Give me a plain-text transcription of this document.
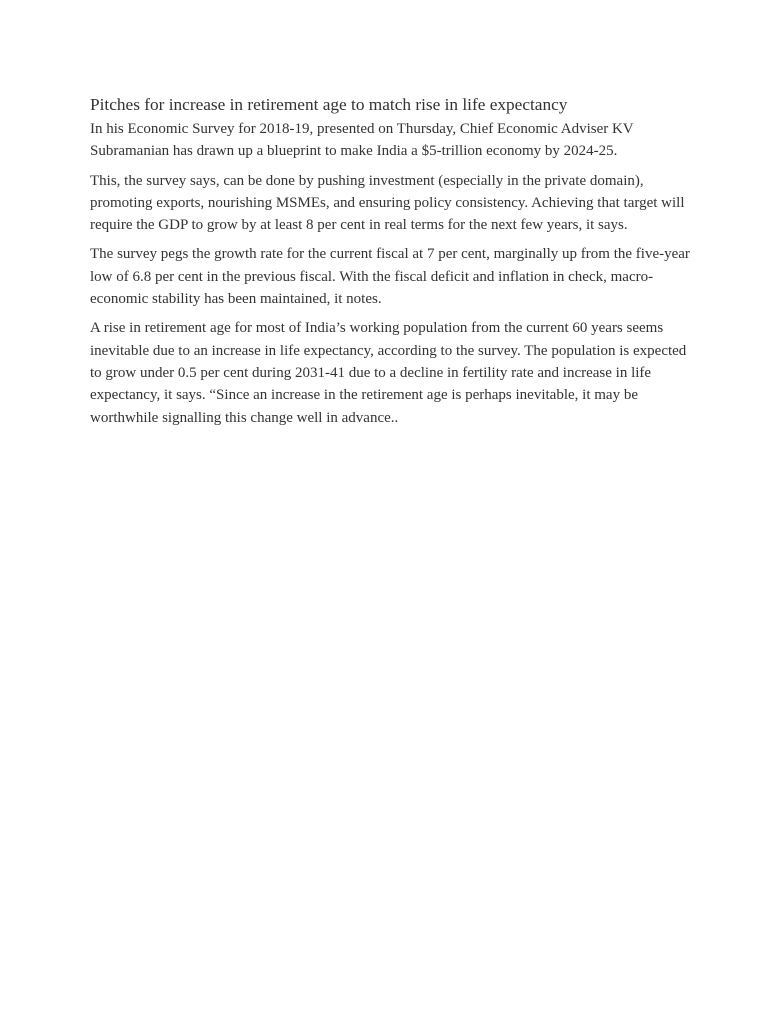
Pitches for increase in retirement age to match rise in life expectancy

In his Economic Survey for 2018-19, presented on Thursday, Chief Economic Adviser KV Subramanian has drawn up a blueprint to make India a $5-trillion economy by 2024-25.

This, the survey says, can be done by pushing investment (especially in the private domain), promoting exports, nourishing MSMEs, and ensuring policy consistency. Achieving that target will require the GDP to grow by at least 8 per cent in real terms for the next few years, it says.

The survey pegs the growth rate for the current fiscal at 7 per cent, marginally up from the five-year low of 6.8 per cent in the previous fiscal. With the fiscal deficit and inflation in check, macro-economic stability has been maintained, it notes.

A rise in retirement age for most of India’s working population from the current 60 years seems inevitable due to an increase in life expectancy, according to the survey. The population is expected to grow under 0.5 per cent during 2031-41 due to a decline in fertility rate and increase in life expectancy, it says. “Since an increase in the retirement age is perhaps inevitable, it may be worthwhile signalling this change well in advance..
